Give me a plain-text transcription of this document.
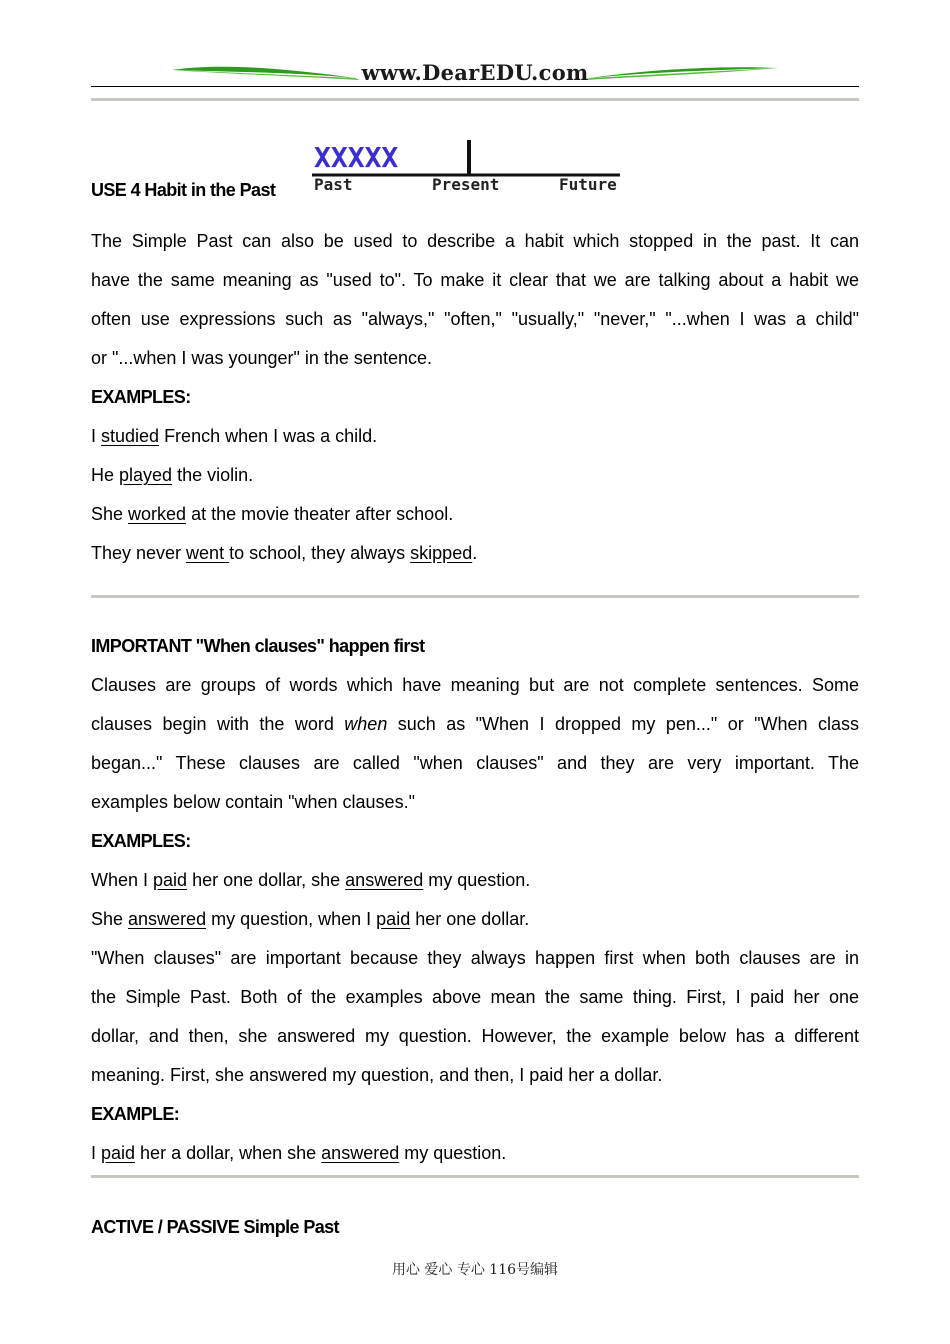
www.DearEDU.com
USE 4 Habit in the Past
XXXXX
Past	Present	Future
The Simple Past can also be used to describe a habit which stopped in the past. It can
have the same meaning as "used to". To make it clear that we are talking about a habit we
often use expressions such as "always," "often," "usually," "never," "...when I was a child"
or "...when I was younger" in the sentence.
EXAMPLES:
I studied French when I was a child.
He played the violin.
She worked at the movie theater after school.
They never went to school, they always skipped.
IMPORTANT "When clauses" happen first
Clauses are groups of words which have meaning but are not complete sentences. Some
clauses begin with the word when such as "When I dropped my pen..." or "When class
began..." These clauses are called "when clauses" and they are very important. The
examples below contain "when clauses."
EXAMPLES:
When I paid her one dollar, she answered my question.
She answered my question, when I paid her one dollar.
"When clauses" are important because they always happen first when both clauses are in
the Simple Past. Both of the examples above mean the same thing. First, I paid her one
dollar, and then, she answered my question. However, the example below has a different
meaning. First, she answered my question, and then, I paid her a dollar.
EXAMPLE:
I paid her a dollar, when she answered my question.
ACTIVE / PASSIVE Simple Past
用心 爱心 专心 116号编辑
